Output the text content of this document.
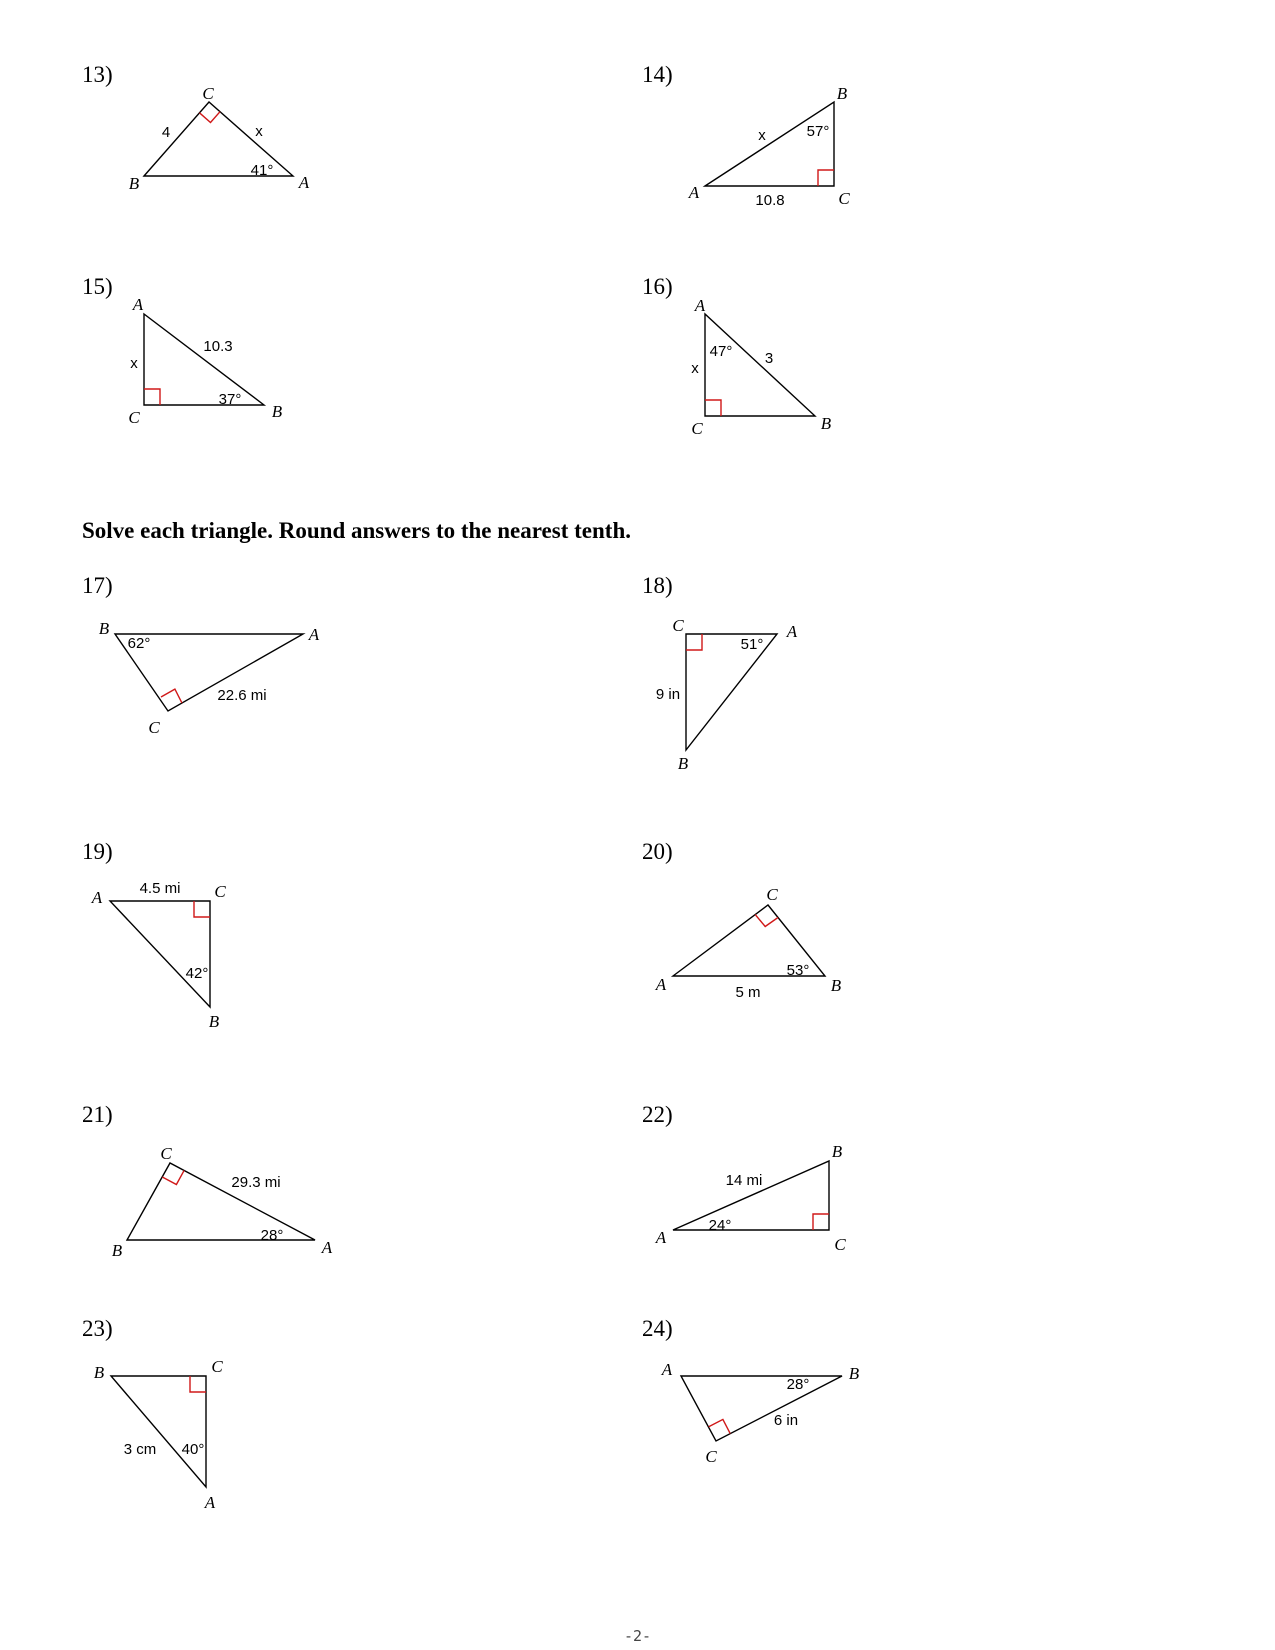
13)
C
B	A
4	x
41°
14)
B
A	C
x	57°
10.8
15)
A
C	B
x
10.3
37°
16)
A
C	B
47° 3
x
17)
B	A
C
62°
22.6 mi
18)
C	A
B
51°
9 in
19)
A	C
B
4.5 mi
42°
20)
C
A	B
53°
5 m
21)
C
B	A
29.3 mi
28°
22)
B
A	C
14 mi
24°
23)
B	C
A
3 cm 40°
24)
A	B
C
28°
6 in

Solve each triangle. Round answers to the nearest tenth.

-2-
